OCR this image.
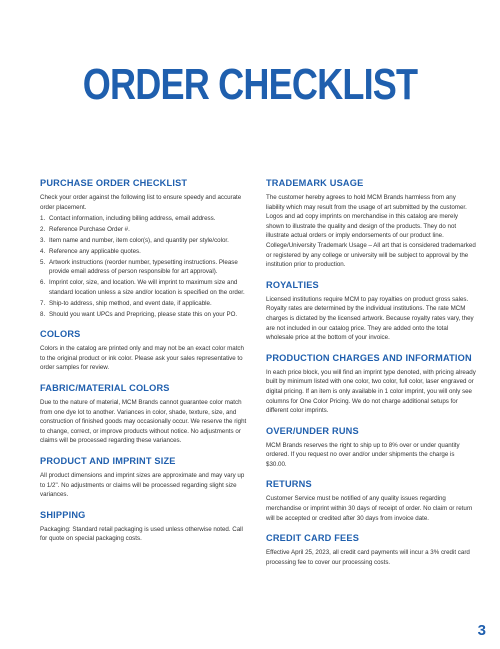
ORDER CHECKLIST
PURCHASE ORDER CHECKLIST

Check your order against the following list to ensure speedy and accurate order placement.

1. Contact information, including billing address, email address.
2. Reference Purchase Order #.
3. Item name and number, item color(s), and quantity per style/color.
4. Reference any applicable quotes.
5. Artwork instructions (reorder number, typesetting instructions. Please provide email address of person responsible for art approval).
6. Imprint color, size, and location. We will imprint to maximum size and standard location unless a size and/or location is specified on the order.
7. Ship-to address, ship method, and event date, if applicable.
8. Should you want UPCs and Prepricing, please state this on your PO.
COLORS

Colors in the catalog are printed only and may not be an exact color match to the original product or ink color. Please ask your sales representative to order samples for review.

FABRIC/MATERIAL COLORS

Due to the nature of material, MCM Brands cannot guarantee color match from one dye lot to another. Variances in color, shade, texture, size, and construction of finished goods may occasionally occur. We reserve the right to change, correct, or improve products without notice. No adjustments or claims will be processed regarding these variances.

PRODUCT AND IMPRINT SIZE

All product dimensions and imprint sizes are approximate and may vary up to 1/2". No adjustments or claims will be processed regarding slight size variances.

SHIPPING

Packaging: Standard retail packaging is used unless otherwise noted. Call for quote on special packaging costs.

TRADEMARK USAGE

The customer hereby agrees to hold MCM Brands harmless from any liability which may result from the usage of art submitted by the customer. Logos and ad copy imprints on merchandise in this catalog are merely shown to illustrate the quality and design of the products. They do not illustrate actual orders or imply endorsements of our product line. College/University Trademark Usage – All art that is considered trademarked or registered by any college or university will be subject to approval by the institution prior to production.

ROYALTIES

Licensed institutions require MCM to pay royalties on product gross sales. Royalty rates are determined by the individual institutions. The rate MCM charges is dictated by the licensed artwork. Because royalty rates vary, they are not included in our catalog price. They are added onto the total wholesale price at the bottom of your invoice.

PRODUCTION CHARGES AND INFORMATION

In each price block, you will find an imprint type denoted, with pricing already built by minimum listed with one color, two color, full color, laser engraved or digital pricing. If an item is only available in 1 color imprint, you will only see columns for One Color Pricing. We do not charge additional setups for different color imprints.

OVER/UNDER RUNS

MCM Brands reserves the right to ship up to 8% over or under quantity ordered. If you request no over and/or under shipments the charge is $30.00.

RETURNS

Customer Service must be notified of any quality issues regarding merchandise or imprint within 30 days of receipt of order. No claim or return will be accepted or credited after 30 days from invoice date.

CREDIT CARD FEES

Effective April 25, 2023, all credit card payments will incur a 3% credit card processing fee to cover our processing costs.

3
